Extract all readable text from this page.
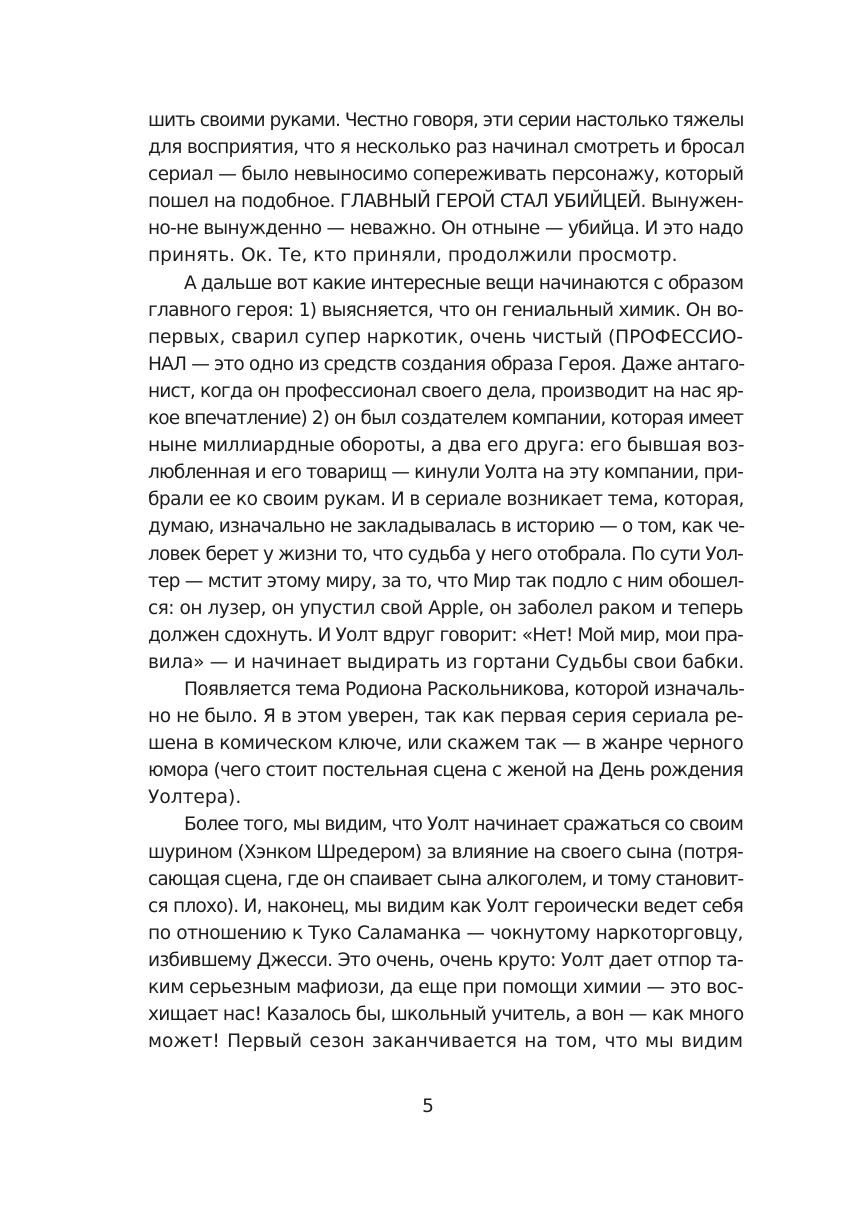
шить своими руками. Честно говоря, эти серии настолько тяжелы
для восприятия, что я несколько раз начинал смотреть и бросал
сериал — было невыносимо сопереживать персонажу, который
пошел на подобное. ГЛАВНЫЙ ГЕРОЙ СТАЛ УБИЙЦЕЙ. Вынужен-
но-не вынужденно — неважно. Он отныне — убийца. И это надо
принять. Ок. Те, кто приняли, продолжили просмотр.
А дальше вот какие интересные вещи начинаются с образом
главного героя: 1) выясняется, что он гениальный химик. Он во-
первых, сварил супер наркотик, очень чистый (ПРОФЕССИО-
НАЛ — это одно из средств создания образа Героя. Даже антаго-
нист, когда он профессионал своего дела, производит на нас яр-
кое впечатление) 2) он был создателем компании, которая имеет
ныне миллиардные обороты, а два его друга: его бывшая воз-
любленная и его товарищ — кинули Уолта на эту компании, при-
брали ее ко своим рукам. И в сериале возникает тема, которая,
думаю, изначально не закладывалась в историю — о том, как че-
ловек берет у жизни то, что судьба у него отобрала. По сути Уол-
тер — мстит этому миру, за то, что Мир так подло с ним обошел-
ся: он лузер, он упустил свой Apple, он заболел раком и теперь
должен сдохнуть. И Уолт вдруг говорит: «Нет! Мой мир, мои пра-
вила» — и начинает выдирать из гортани Судьбы свои бабки.
Появляется тема Родиона Раскольникова, которой изначаль-
но не было. Я в этом уверен, так как первая серия сериала ре-
шена в комическом ключе, или скажем так — в жанре черного
юмора (чего стоит постельная сцена с женой на День рождения
Уолтера).
Более того, мы видим, что Уолт начинает сражаться со своим
шурином (Хэнком Шредером) за влияние на своего сына (потря-
сающая сцена, где он спаивает сына алкоголем, и тому становит-
ся плохо). И, наконец, мы видим как Уолт героически ведет себя
по отношению к Туко Саламанка — чокнутому наркоторговцу,
избившему Джесси. Это очень, очень круто: Уолт дает отпор та-
ким серьезным мафиози, да еще при помощи химии — это вос-
хищает нас! Казалось бы, школьный учитель, а вон — как много
может! Первый сезон заканчивается на том, что мы видим
5
